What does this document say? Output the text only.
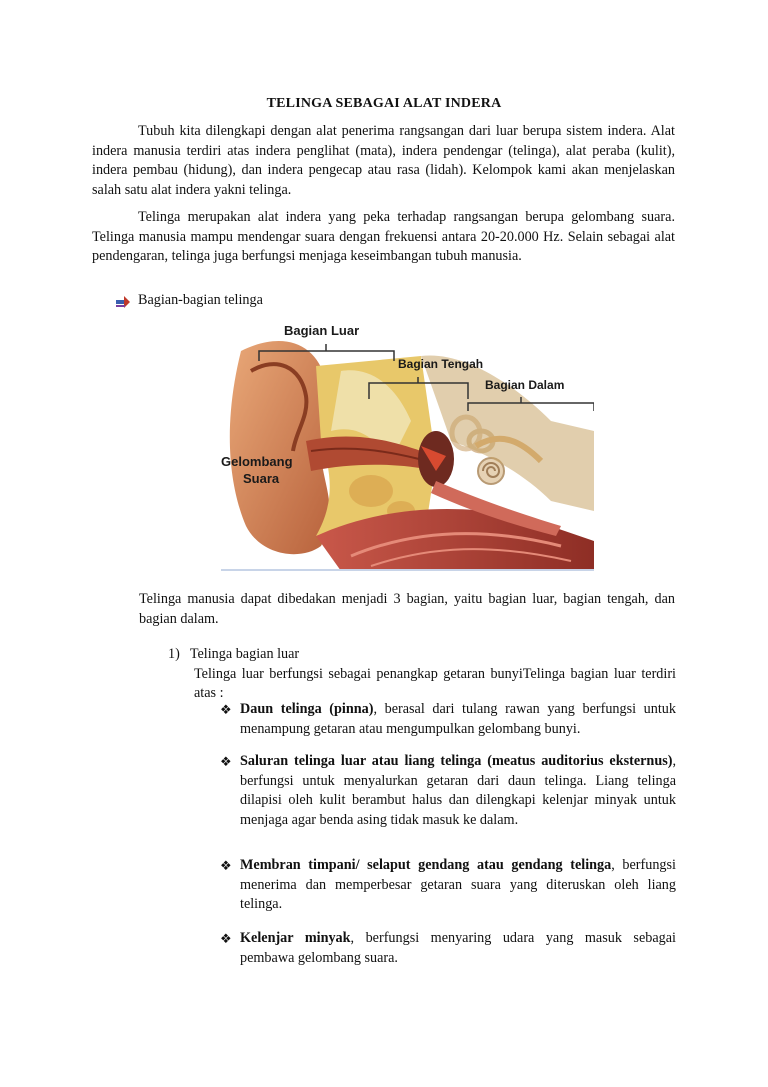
TELINGA SEBAGAI ALAT INDERA

Tubuh kita dilengkapi dengan alat penerima rangsangan dari luar berupa sistem indera. Alat indera manusia terdiri atas indera penglihat (mata), indera pendengar (telinga), alat peraba (kulit), indera pembau (hidung), dan indera pengecap atau rasa (lidah). Kelompok kami akan menjelaskan salah satu alat indera yakni telinga.

Telinga merupakan alat indera yang peka terhadap rangsangan berupa gelombang suara. Telinga manusia mampu mendengar suara dengan frekuensi antara 20-20.000 Hz. Selain sebagai alat pendengaran, telinga juga berfungsi menjaga keseimbangan tubuh manusia.

Bagian-bagian telinga
Bagian Luar
Bagian Tengah
Bagian Dalam
Gelombang
Suara

Telinga manusia dapat dibedakan menjadi 3 bagian, yaitu bagian luar, bagian tengah, dan bagian dalam.

1) Telinga bagian luar
Telinga luar berfungsi sebagai penangkap getaran bunyiTelinga bagian luar terdiri atas :
❖ Daun telinga (pinna), berasal dari tulang rawan yang berfungsi untuk menampung getaran atau mengumpulkan gelombang bunyi.
❖ Saluran telinga luar atau liang telinga (meatus auditorius eksternus), berfungsi untuk menyalurkan getaran dari daun telinga. Liang telinga dilapisi oleh kulit berambut halus dan dilengkapi kelenjar minyak untuk menjaga agar benda asing tidak masuk ke dalam.
❖ Membran timpani/ selaput gendang atau gendang telinga, berfungsi menerima dan memperbesar getaran suara yang diteruskan oleh liang telinga.
❖ Kelenjar minyak, berfungsi menyaring udara yang masuk sebagai pembawa gelombang suara.
